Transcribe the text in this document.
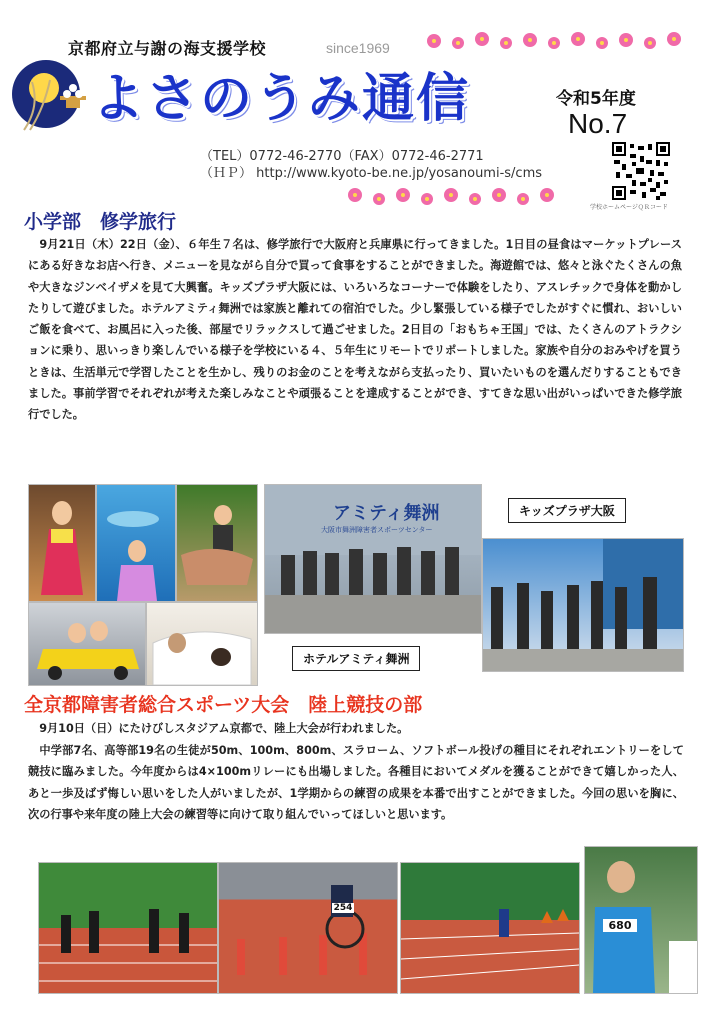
京都府立与謝の海支援学校	since1969
よさのうみ通信	令和5年度
No.7
（TEL）0772-46-2770（FAX）0772-46-2771
（ＨＰ） http://www.kyoto-be.ne.jp/yosanoumi-s/cms
学校ホームページＱＲコード
小学部　修学旅行
　9月21日（木）22日（金）、６年生７名は、修学旅行で大阪府と兵庫県に行ってきました。1日目の昼食はマーケットプレースにある好きなお店へ行き、メニューを見ながら自分で買って食事をすることができました。海遊館では、悠々と泳ぐたくさんの魚や大きなジンベイザメを見て大興奮。キッズプラザ大阪には、いろいろなコーナーで体験をしたり、アスレチックで身体を動かしたりして遊びました。ホテルアミティ舞洲では家族と離れての宿泊でした。少し緊張している様子でしたがすぐに慣れ、おいしいご飯を食べて、お風呂に入った後、部屋でリラックスして過ごせました。2日目の「おもちゃ王国」では、たくさんのアトラクションに乗り、思いっきり楽しんでいる様子を学校にいる４、５年生にリモートでリポートしました。家族や自分のおみやげを買うときは、生活単元で学習したことを生かし、残りのお金のことを考えながら支払ったり、買いたいものを選んだりすることもできました。事前学習でそれぞれが考えた楽しみなことや頑張ることを達成することができ、すてきな思い出がいっぱいできた修学旅行でした。
アミティ舞洲
大阪市舞洲障害者スポーツセンター
キッズプラザ大阪
ホテルアミティ舞洲
全京都障害者総合スポーツ大会　陸上競技の部
　9月10日（日）にたけびしスタジアム京都で、陸上大会が行われました。
　中学部7名、高等部19名の生徒が50m、100m、800m、スラローム、ソフトボール投げの種目にそれぞれエントリーをして競技に臨みました。今年度からは4×100mリレーにも出場しました。各種目においてメダルを獲ることができて嬉しかった人、あと一歩及ばず悔しい思いをした人がいましたが、1学期からの練習の成果を本番で出すことができました。今回の思いを胸に、次の行事や来年度の陸上大会の練習等に向けて取り組んでいってほしいと思います。
254
680
